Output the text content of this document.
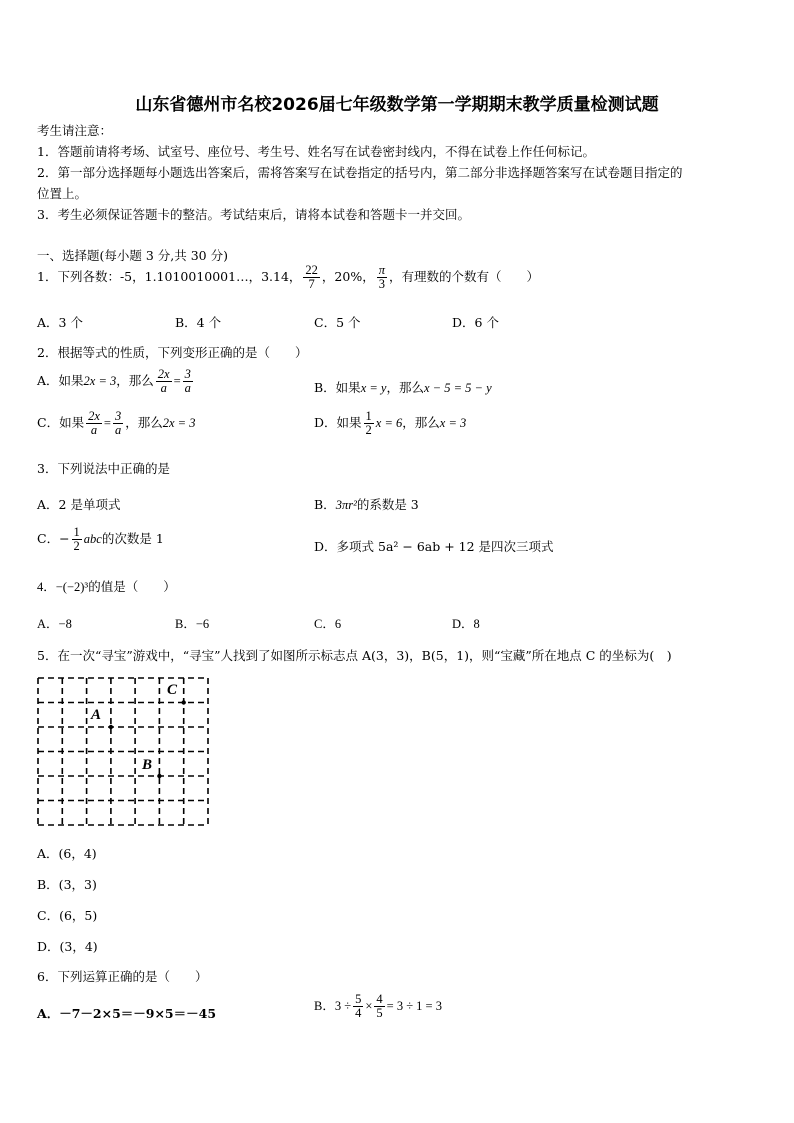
山东省德州市名校2026届七年级数学第一学期期末教学质量检测试题
考生请注意：
1．答题前请将考场、试室号、座位号、考生号、姓名写在试卷密封线内，不得在试卷上作任何标记。
2．第一部分选择题每小题选出答案后，需将答案写在试卷指定的括号内，第二部分非选择题答案写在试卷题目指定的
位置上。
3．考生必须保证答题卡的整洁。考试结束后，请将本试卷和答题卡一并交回。
一、选择题(每小题 3 分,共 30 分)
1．下列各数：-5，1.1010010001…，3.14， $\frac{22}{7}$ ，20%， $\frac{\pi}{3}$ ，有理数的个数有（　　）
A．3 个	B．4 个	C．5 个	D．6 个
2．根据等式的性质，下列变形正确的是（　　）
A．如果2x = 3，那么 $\frac{2x}{a} = \frac{3}{a}$	B．如果x = y，那么x − 5 = 5 − y
C．如果 $\frac{2x}{a} = \frac{3}{a}$ ，那么2x = 3	D．如果 $\frac{1}{2}$ x = 6，那么x = 3
3．下列说法中正确的是
A．2 是单项式	B．3πr²的系数是 3
C．− $\frac{1}{2}$ abc的次数是 1
D．多项式 5a² − 6ab + 12 是四次三项式
4．−(−2)³的值是（　　）
A．−8	B．−6	C．6	D．8
5．在一次“寻宝”游戏中，“寻宝”人找到了如图所示标志点 A(3，3)，B(5，1)，则“宝藏”所在地点 C 的坐标为(　)
A
B
C
A．(6，4)
B．(3，3)
C．(6，5)
D．(3，4)
6．下列运算正确的是（　　）
A．－7－2×5＝－9×5＝－45	B．$3 \div \frac{5}{4} \times \frac{4}{5} = 3 \div 1 = 3$
